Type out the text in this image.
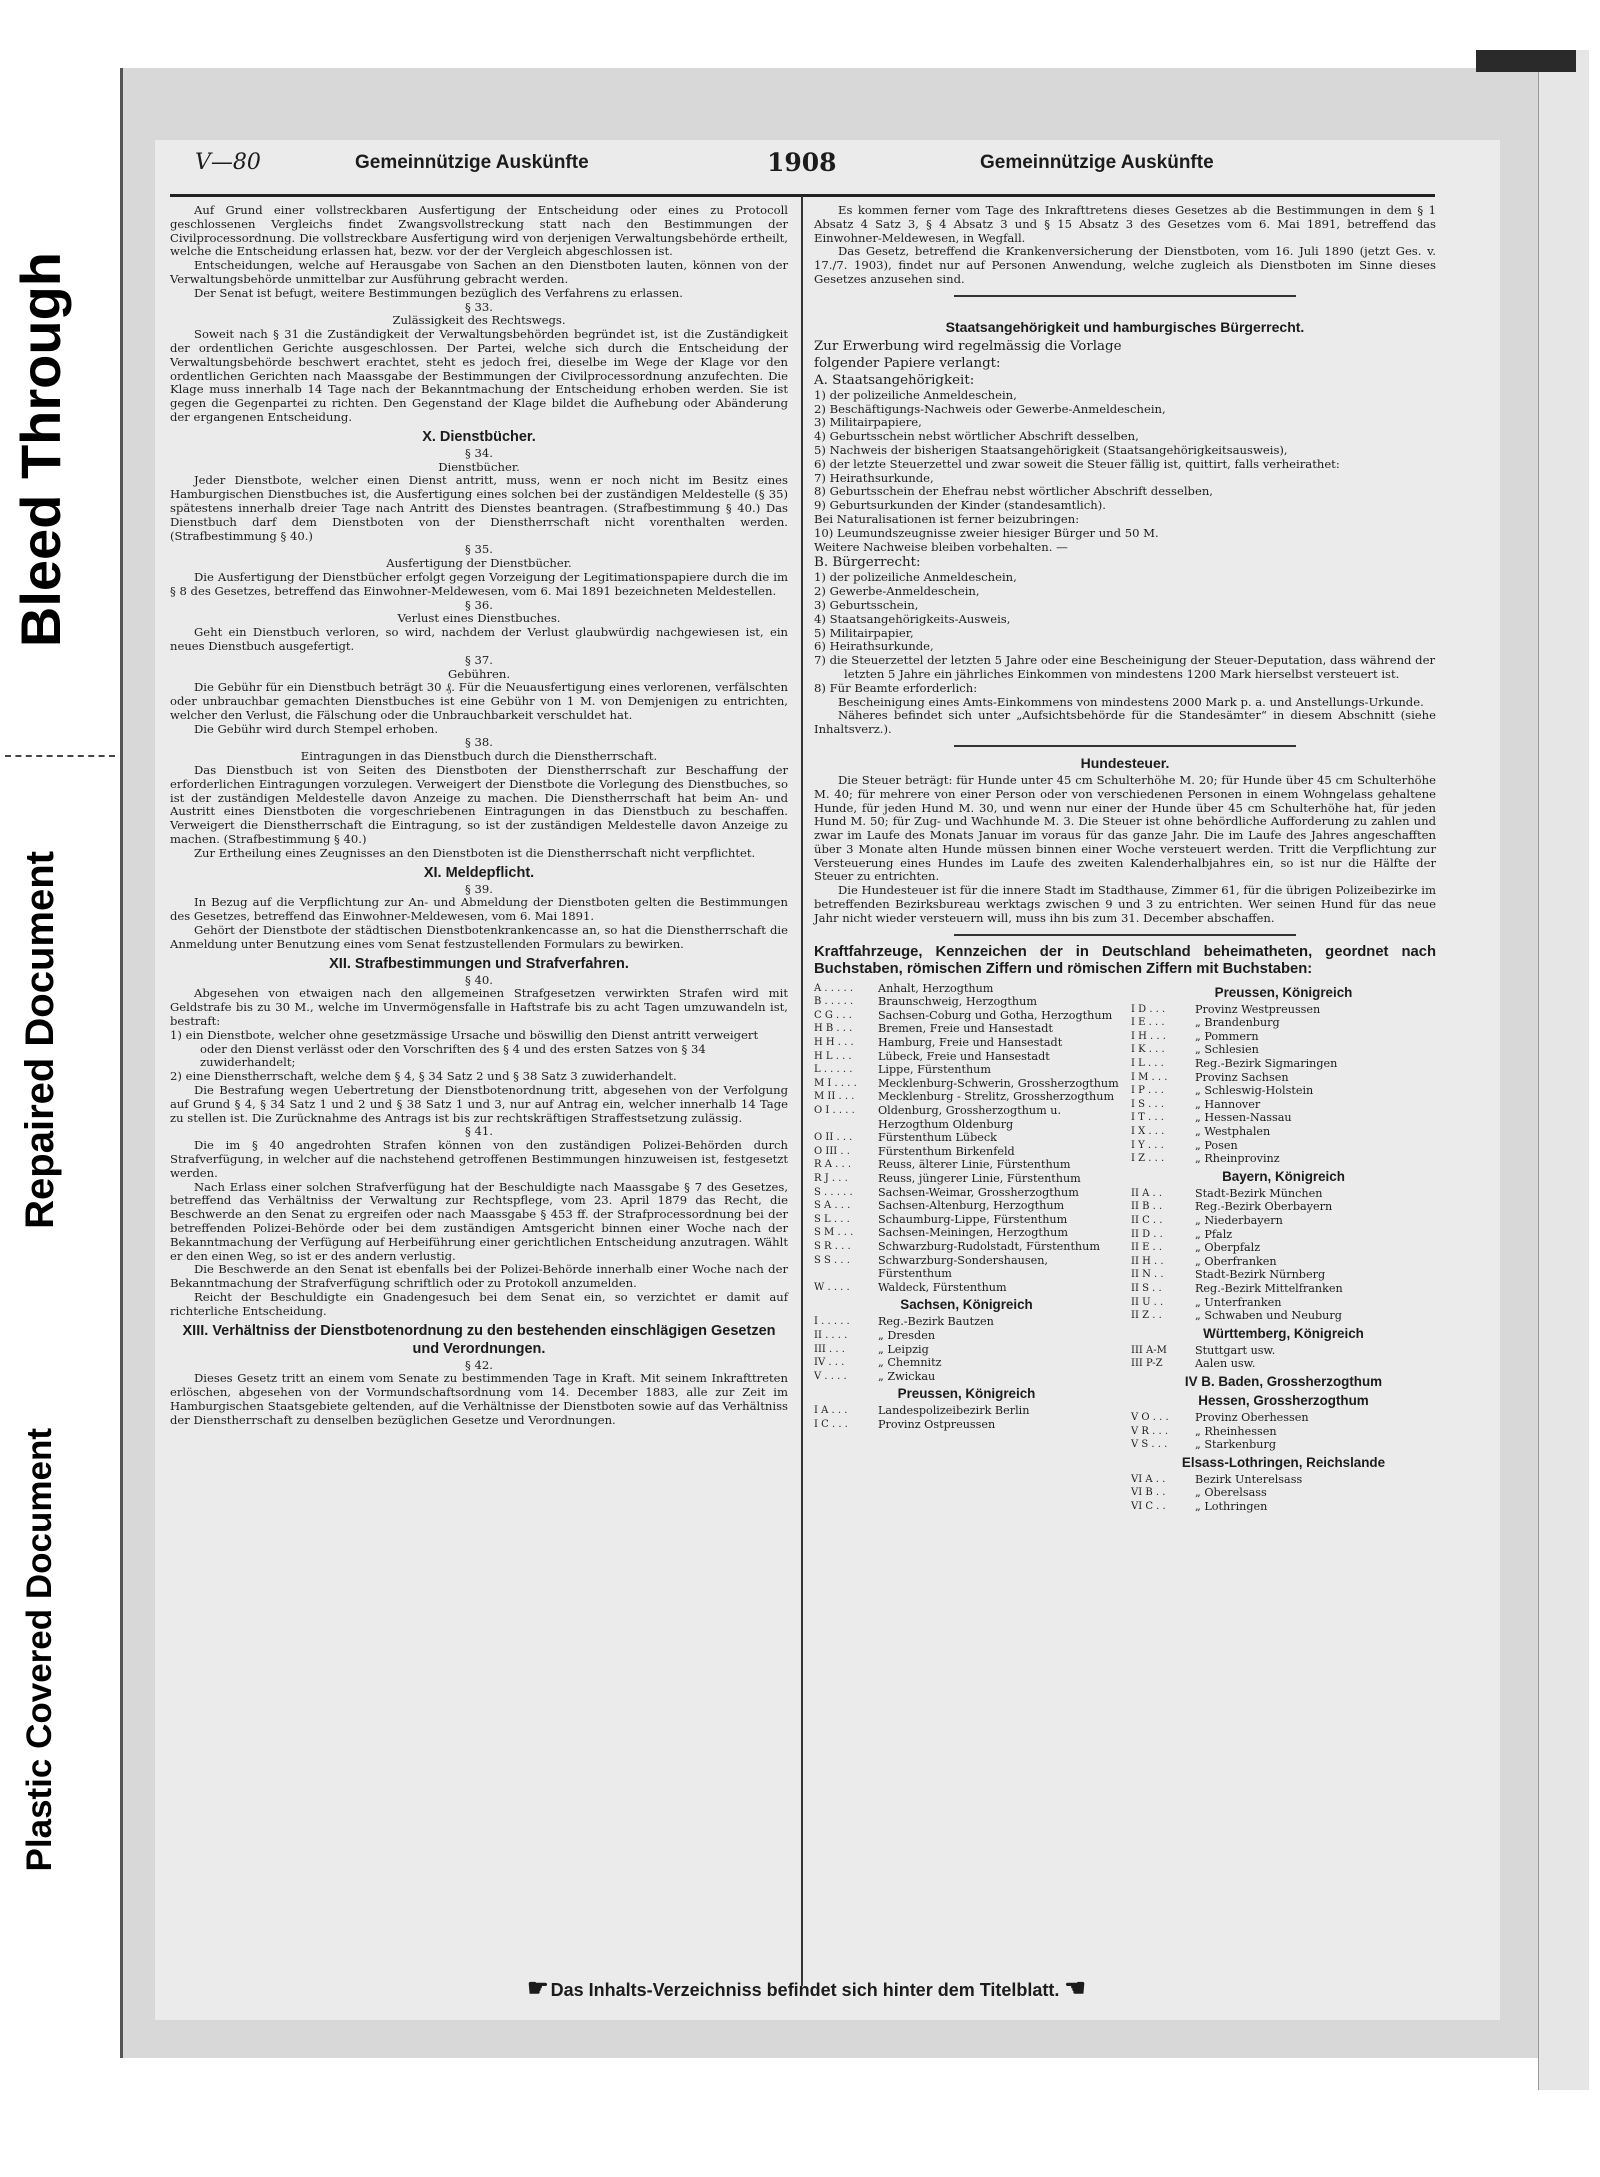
Bleed Through
Repaired Document
Plastic Covered Document
V—80	Gemeinnützige Auskünfte	1908	Gemeinnützige Auskünfte

Auf Grund einer vollstreckbaren Ausfertigung der Entscheidung oder eines zu Protocoll geschlossenen Vergleichs findet Zwangsvollstreckung statt nach den Bestimmungen der Civilprocessordnung. Die vollstreckbare Ausfertigung wird von derjenigen Verwaltungsbehörde ertheilt, welche die Entscheidung erlassen hat, bezw. vor der der Vergleich abgeschlossen ist.

Entscheidungen, welche auf Herausgabe von Sachen an den Dienstboten lauten, können von der Verwaltungsbehörde unmittelbar zur Ausführung gebracht werden.

Der Senat ist befugt, weitere Bestimmungen bezüglich des Verfahrens zu erlassen.

§ 33.

Zulässigkeit des Rechtswegs.

Soweit nach § 31 die Zuständigkeit der Verwaltungsbehörden begründet ist, ist die Zuständigkeit der ordentlichen Gerichte ausgeschlossen. Der Partei, welche sich durch die Entscheidung der Verwaltungsbehörde beschwert erachtet, steht es jedoch frei, dieselbe im Wege der Klage vor den ordentlichen Gerichten nach Maassgabe der Bestimmungen der Civilprocessordnung anzufechten. Die Klage muss innerhalb 14 Tage nach der Bekanntmachung der Entscheidung erhoben werden. Sie ist gegen die Gegenpartei zu richten. Den Gegenstand der Klage bildet die Aufhebung oder Abänderung der ergangenen Entscheidung.

X. Dienstbücher.

§ 34.

Dienstbücher.

Jeder Dienstbote, welcher einen Dienst antritt, muss, wenn er noch nicht im Besitz eines Hamburgischen Dienstbuches ist, die Ausfertigung eines solchen bei der zuständigen Meldestelle (§ 35) spätestens innerhalb dreier Tage nach Antritt des Dienstes beantragen. (Strafbestimmung § 40.) Das Dienstbuch darf dem Dienstboten von der Dienstherrschaft nicht vorenthalten werden. (Strafbestimmung § 40.)

§ 35.

Ausfertigung der Dienstbücher.

Die Ausfertigung der Dienstbücher erfolgt gegen Vorzeigung der Legitimationspapiere durch die im § 8 des Gesetzes, betreffend das Einwohner-Meldewesen, vom 6. Mai 1891 bezeichneten Meldestellen.

§ 36.

Verlust eines Dienstbuches.

Geht ein Dienstbuch verloren, so wird, nachdem der Verlust glaubwürdig nachgewiesen ist, ein neues Dienstbuch ausgefertigt.

§ 37.

Gebühren.

Die Gebühr für ein Dienstbuch beträgt 30 ₰. Für die Neuausfertigung eines verlorenen, verfälschten oder unbrauchbar gemachten Dienstbuches ist eine Gebühr von 1 M. von Demjenigen zu entrichten, welcher den Verlust, die Fälschung oder die Unbrauchbarkeit verschuldet hat.

Die Gebühr wird durch Stempel erhoben.

§ 38.

Eintragungen in das Dienstbuch durch die Dienstherrschaft.

Das Dienstbuch ist von Seiten des Dienstboten der Dienstherrschaft zur Beschaffung der erforderlichen Eintragungen vorzulegen. Verweigert der Dienstbote die Vorlegung des Dienstbuches, so ist der zuständigen Meldestelle davon Anzeige zu machen. Die Dienstherrschaft hat beim An- und Austritt eines Dienstboten die vorgeschriebenen Eintragungen in das Dienstbuch zu beschaffen. Verweigert die Dienstherrschaft die Eintragung, so ist der zuständigen Meldestelle davon Anzeige zu machen. (Strafbestimmung § 40.)

Zur Ertheilung eines Zeugnisses an den Dienstboten ist die Dienstherrschaft nicht verpflichtet.

XI. Meldepflicht.

§ 39.

In Bezug auf die Verpflichtung zur An- und Abmeldung der Dienstboten gelten die Bestimmungen des Gesetzes, betreffend das Einwohner-Meldewesen, vom 6. Mai 1891.

Gehört der Dienstbote der städtischen Dienstbotenkrankencasse an, so hat die Dienstherrschaft die Anmeldung unter Benutzung eines vom Senat festzustellenden Formulars zu bewirken.

XII. Strafbestimmungen und Strafverfahren.

§ 40.

Abgesehen von etwaigen nach den allgemeinen Strafgesetzen verwirkten Strafen wird mit Geldstrafe bis zu 30 M., welche im Unvermögensfalle in Haftstrafe bis zu acht Tagen umzuwandeln ist, bestraft:

1) ein Dienstbote, welcher ohne gesetzmässige Ursache und böswillig den Dienst antritt verweigert oder den Dienst verlässt oder den Vorschriften des § 4 und des ersten Satzes von § 34 zuwiderhandelt;
2) eine Dienstherrschaft, welche dem § 4, § 34 Satz 2 und § 38 Satz 3 zuwiderhandelt.

Die Bestrafung wegen Uebertretung der Dienstbotenordnung tritt, abgesehen von der Verfolgung auf Grund § 4, § 34 Satz 1 und 2 und § 38 Satz 1 und 3, nur auf Antrag ein, welcher innerhalb 14 Tage zu stellen ist. Die Zurücknahme des Antrags ist bis zur rechtskräftigen Straffestsetzung zulässig.

§ 41.

Die im § 40 angedrohten Strafen können von den zuständigen Polizei-Behörden durch Strafverfügung, in welcher auf die nachstehend getroffenen Bestimmungen hinzuweisen ist, festgesetzt werden.

Nach Erlass einer solchen Strafverfügung hat der Beschuldigte nach Maassgabe § 7 des Gesetzes, betreffend das Verhältniss der Verwaltung zur Rechtspflege, vom 23. April 1879 das Recht, die Beschwerde an den Senat zu ergreifen oder nach Maassgabe § 453 ff. der Strafprocessordnung bei der betreffenden Polizei-Behörde oder bei dem zuständigen Amtsgericht binnen einer Woche nach der Bekanntmachung der Verfügung auf Herbeiführung einer gerichtlichen Entscheidung anzutragen. Wählt er den einen Weg, so ist er des andern verlustig.

Die Beschwerde an den Senat ist ebenfalls bei der Polizei-Behörde innerhalb einer Woche nach der Bekanntmachung der Strafverfügung schriftlich oder zu Protokoll anzumelden.

Reicht der Beschuldigte ein Gnadengesuch bei dem Senat ein, so verzichtet er damit auf richterliche Entscheidung.

XIII. Verhältniss der Dienstbotenordnung zu den bestehenden einschlägigen Gesetzen und Verordnungen.

§ 42.

Dieses Gesetz tritt an einem vom Senate zu bestimmenden Tage in Kraft. Mit seinem Inkrafttreten erlöschen, abgesehen von der Vormundschaftsordnung vom 14. December 1883, alle zur Zeit im Hamburgischen Staatsgebiete geltenden, auf die Verhältnisse der Dienstboten sowie auf das Verhältniss der Dienstherrschaft zu denselben bezüglichen Gesetze und Verordnungen.

Es kommen ferner vom Tage des Inkrafttretens dieses Gesetzes ab die Bestimmungen in dem § 1 Absatz 4 Satz 3, § 4 Absatz 3 und § 15 Absatz 3 des Gesetzes vom 6. Mai 1891, betreffend das Einwohner-Meldewesen, in Wegfall.

Das Gesetz, betreffend die Krankenversicherung der Dienstboten, vom 16. Juli 1890 (jetzt Ges. v. 17./7. 1903), findet nur auf Personen Anwendung, welche zugleich als Dienstboten im Sinne dieses Gesetzes anzusehen sind.

Staatsangehörigkeit und hamburgisches Bürgerrecht.

Zur Erwerbung wird regelmässig die Vorlage

folgender Papiere verlangt:

A. Staatsangehörigkeit:

1) der polizeiliche Anmeldeschein,
2) Beschäftigungs-Nachweis oder Gewerbe-Anmeldeschein,
3) Militairpapiere,
4) Geburtsschein nebst wörtlicher Abschrift desselben,
5) Nachweis der bisherigen Staatsangehörigkeit (Staatsangehörigkeitsausweis),
6) der letzte Steuerzettel und zwar soweit die Steuer fällig ist, quittirt, falls verheirathet:
7) Heirathsurkunde,
8) Geburtsschein der Ehefrau nebst wörtlicher Abschrift desselben,
9) Geburtsurkunden der Kinder (standesamtlich).
Bei Naturalisationen ist ferner beizubringen:
10) Leumundszeugnisse zweier hiesiger Bürger und 50 M.
Weitere Nachweise bleiben vorbehalten. —

B. Bürgerrecht:

1) der polizeiliche Anmeldeschein,
2) Gewerbe-Anmeldeschein,
3) Geburtsschein,
4) Staatsangehörigkeits-Ausweis,
5) Militairpapier,
6) Heirathsurkunde,
7) die Steuerzettel der letzten 5 Jahre oder eine Bescheinigung der Steuer-Deputation, dass während der letzten 5 Jahre ein jährliches Einkommen von mindestens 1200 Mark hierselbst versteuert ist.
8) Für Beamte erforderlich:

Bescheinigung eines Amts-Einkommens von mindestens 2000 Mark p. a. und Anstellungs-Urkunde.

Näheres befindet sich unter „Aufsichtsbehörde für die Standesämter“ in diesem Abschnitt (siehe Inhaltsverz.).

Hundesteuer.

Die Steuer beträgt: für Hunde unter 45 cm Schulterhöhe M. 20; für Hunde über 45 cm Schulterhöhe M. 40; für mehrere von einer Person oder von verschiedenen Personen in einem Wohngelass gehaltene Hunde, für jeden Hund M. 30, und wenn nur einer der Hunde über 45 cm Schulterhöhe hat, für jeden Hund M. 50; für Zug- und Wachhunde M. 3. Die Steuer ist ohne behördliche Aufforderung zu zahlen und zwar im Laufe des Monats Januar im voraus für das ganze Jahr. Die im Laufe des Jahres angeschafften über 3 Monate alten Hunde müssen binnen einer Woche versteuert werden. Tritt die Verpflichtung zur Versteuerung eines Hundes im Laufe des zweiten Kalenderhalbjahres ein, so ist nur die Hälfte der Steuer zu entrichten.

Die Hundesteuer ist für die innere Stadt im Stadthause, Zimmer 61, für die übrigen Polizeibezirke im betreffenden Bezirksbureau werktags zwischen 9 und 3 zu entrichten. Wer seinen Hund für das neue Jahr nicht wieder versteuern will, muss ihn bis zum 31. December abschaffen.

Kraftfahrzeuge, Kennzeichen der in Deutschland beheimatheten, geordnet nach Buchstaben, römischen Ziffern und römischen Ziffern mit Buchstaben:

A . . . . .	Anhalt, Herzogthum
B . . . . .	Braunschweig, Herzogthum
C G . . .	Sachsen-Coburg und Gotha, Herzogthum
H B . . .	Bremen, Freie und Hansestadt
H H . . .	Hamburg, Freie und Hansestadt
H L . . .	Lübeck, Freie und Hansestadt
L . . . . .	Lippe, Fürstenthum
M I . . . .	Mecklenburg-Schwerin, Grossherzogthum
M II . . .	Mecklenburg - Strelitz, Grossherzogthum
O I . . . .	Oldenburg, Grossherzogthum u. Herzogthum Oldenburg
O II . . .	Fürstenthum Lübeck
O III . .	Fürstenthum Birkenfeld
R A . . .	Reuss, älterer Linie, Fürstenthum
R J . . .	Reuss, jüngerer Linie, Fürstenthum
S . . . . .	Sachsen-Weimar, Grossherzogthum
S A . . .	Sachsen-Altenburg, Herzogthum
S L . . .	Schaumburg-Lippe, Fürstenthum
S M . . .	Sachsen-Meiningen, Herzogthum
S R . . .	Schwarzburg-Rudolstadt, Fürstenthum
S S . . .	Schwarzburg-Sondershausen, Fürstenthum
W . . . .	Waldeck, Fürstenthum
Sachsen, Königreich
I . . . . .	Reg.-Bezirk Bautzen
II . . . .	„ Dresden
III . . .	„ Leipzig
IV . . .	„ Chemnitz
V . . . .	„ Zwickau
Preussen, Königreich
I A . . .	Landespolizeibezirk Berlin
I C . . .	Provinz Ostpreussen
Preussen, Königreich
I D . . .	Provinz Westpreussen
I E . . .	„ Brandenburg
I H . . .	„ Pommern
I K . . .	„ Schlesien
I L . . .	Reg.-Bezirk Sigmaringen
I M . . .	Provinz Sachsen
I P . . .	„ Schleswig-Holstein
I S . . .	„ Hannover
I T . . .	„ Hessen-Nassau
I X . . .	„ Westphalen
I Y . . .	„ Posen
I Z . . .	„ Rheinprovinz
Bayern, Königreich
II A . .	Stadt-Bezirk München
II B . .	Reg.-Bezirk Oberbayern
II C . .	„ Niederbayern
II D . .	„ Pfalz
II E . .	„ Oberpfalz
II H . .	„ Oberfranken
II N . .	Stadt-Bezirk Nürnberg
II S . .	Reg.-Bezirk Mittelfranken
II U . .	„ Unterfranken
II Z . .	„ Schwaben und Neuburg
Württemberg, Königreich
III A-M	Stuttgart usw.
III P-Z	Aalen usw.
IV B. Baden, Grossherzogthum
Hessen, Grossherzogthum
V O . . .	Provinz Oberhessen
V R . . .	„ Rheinhessen
V S . . .	„ Starkenburg
Elsass-Lothringen, Reichslande
VI A . .	Bezirk Unterelsass
VI B . .	„ Oberelsass
VI C . .	„ Lothringen
☛ Das Inhalts-Verzeichniss befindet sich hinter dem Titelblatt. ☚
